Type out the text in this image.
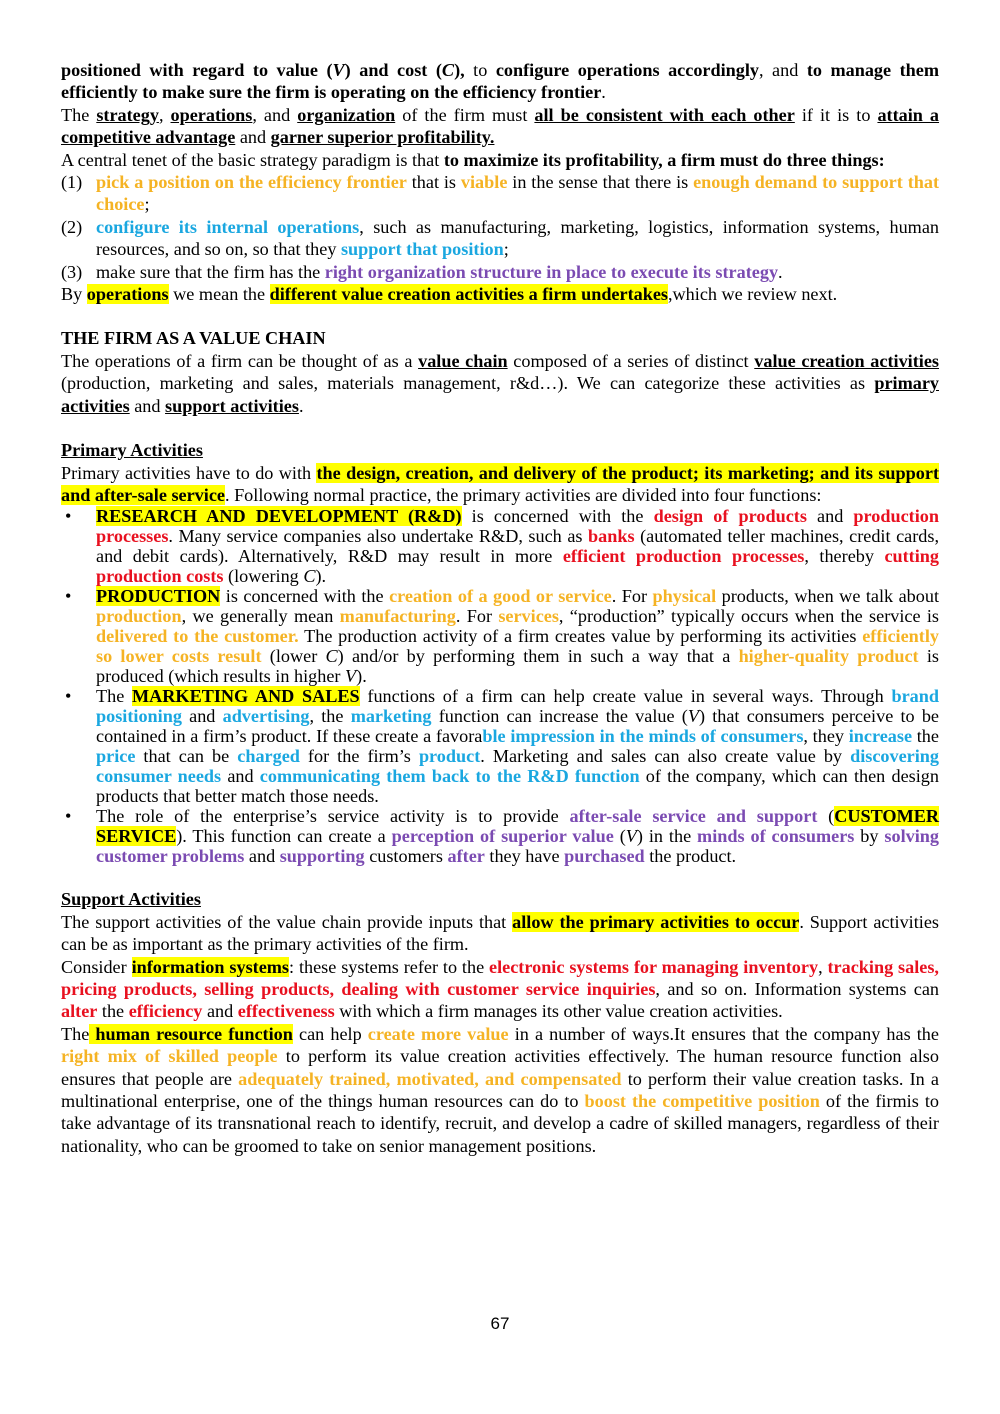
positioned with regard to value (V) and cost (C), to configure operations accordingly, and to manage them efficiently to make sure the firm is operating on the efficiency frontier.

The strategy, operations, and organization of the firm must all be consistent with each other if it is to attain a competitive advantage and garner superior profitability.

A central tenet of the basic strategy paradigm is that to maximize its profitability, a firm must do three things:

(1) pick a position on the efficiency frontier that is viable in the sense that there is enough demand to support that choice;
(2) configure its internal operations, such as manufacturing, marketing, logistics, information systems, human resources, and so on, so that they support that position;
(3) make sure that the firm has the right organization structure in place to execute its strategy.

By operations we mean the different value creation activities a firm undertakes,which we review next.

THE FIRM AS A VALUE CHAIN

The operations of a firm can be thought of as a value chain composed of a series of distinct value creation activities (production, marketing and sales, materials management, r&d…). We can categorize these activities as primary activities and support activities.

Primary Activities

Primary activities have to do with the design, creation, and delivery of the product; its marketing; and its support and after-sale service. Following normal practice, the primary activities are divided into four functions:

• RESEARCH AND DEVELOPMENT (R&D) is concerned with the design of products and production processes. Many service companies also undertake R&D, such as banks (automated teller machines, credit cards, and debit cards). Alternatively, R&D may result in more efficient production processes, thereby cutting production costs (lowering C).
• PRODUCTION is concerned with the creation of a good or service. For physical products, when we talk about production, we generally mean manufacturing. For services, “production” typically occurs when the service is delivered to the customer. The production activity of a firm creates value by performing its activities efficiently so lower costs result (lower C) and/or by performing them in such a way that a higher-quality product is produced (which results in higher V).
• The MARKETING AND SALES functions of a firm can help create value in several ways. Through brand positioning and advertising, the marketing function can increase the value (V) that consumers perceive to be contained in a firm’s product. If these create a favorable impression in the minds of consumers, they increase the price that can be charged for the firm’s product. Marketing and sales can also create value by discovering consumer needs and communicating them back to the R&D function of the company, which can then design products that better match those needs.
• The role of the enterprise’s service activity is to provide after-sale service and support (CUSTOMER SERVICE). This function can create a perception of superior value (V) in the minds of consumers by solving customer problems and supporting customers after they have purchased the product.

Support Activities

The support activities of the value chain provide inputs that allow the primary activities to occur. Support activities can be as important as the primary activities of the firm.

Consider information systems: these systems refer to the electronic systems for managing inventory, tracking sales, pricing products, selling products, dealing with customer service inquiries, and so on. Information systems can alter the efficiency and effectiveness with which a firm manages its other value creation activities.

The human resource function can help create more value in a number of ways.It ensures that the company has the right mix of skilled people to perform its value creation activities effectively. The human resource function also ensures that people are adequately trained, motivated, and compensated to perform their value creation tasks. In a multinational enterprise, one of the things human resources can do to boost the competitive position of the firmis to take advantage of its transnational reach to identify, recruit, and develop a cadre of skilled managers, regardless of their nationality, who can be groomed to take on senior management positions.

67
